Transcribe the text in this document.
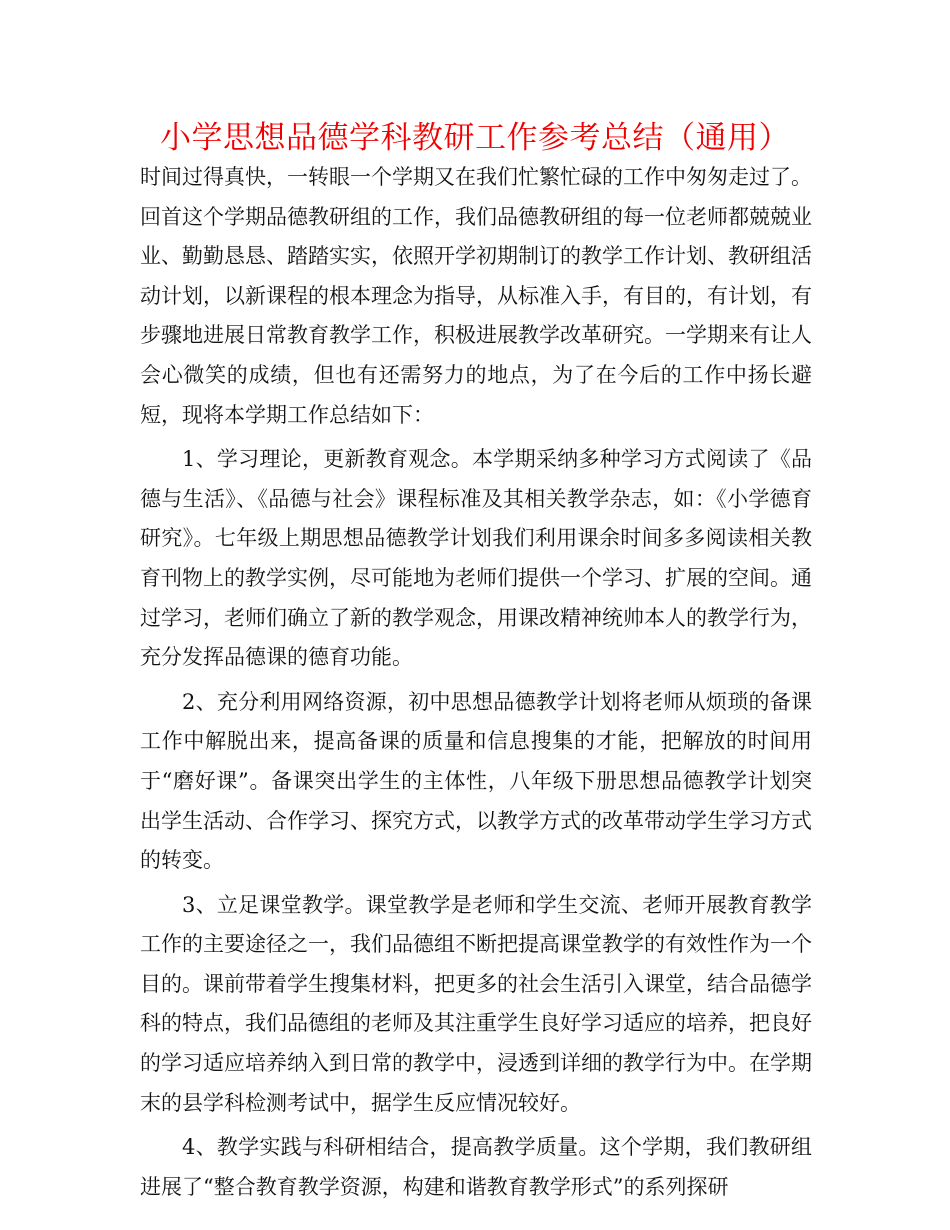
小学思想品德学科教研工作参考总结（通用）

时间过得真快，一转眼一个学期又在我们忙繁忙碌的工作中匆匆走过了。回首这个学期品德教研组的工作，我们品德教研组的每一位老师都兢兢业业、勤勤恳恳、踏踏实实，依照开学初期制订的教学工作计划、教研组活动计划，以新课程的根本理念为指导，从标准入手，有目的，有计划，有步骤地进展日常教育教学工作，积极进展教学改革研究。一学期来有让人会心微笑的成绩，但也有还需努力的地点，为了在今后的工作中扬长避短，现将本学期工作总结如下：

1、学习理论，更新教育观念。本学期采纳多种学习方式阅读了《品德与生活》、《品德与社会》课程标准及其相关教学杂志，如：《小学德育研究》。七年级上期思想品德教学计划我们利用课余时间多多阅读相关教育刊物上的教学实例，尽可能地为老师们提供一个学习、扩展的空间。通过学习，老师们确立了新的教学观念，用课改精神统帅本人的教学行为，充分发挥品德课的德育功能。

2、充分利用网络资源，初中思想品德教学计划将老师从烦琐的备课工作中解脱出来，提高备课的质量和信息搜集的才能，把解放的时间用于“磨好课”。备课突出学生的主体性，八年级下册思想品德教学计划突出学生活动、合作学习、探究方式，以教学方式的改革带动学生学习方式的转变。

3、立足课堂教学。课堂教学是老师和学生交流、老师开展教育教学工作的主要途径之一，我们品德组不断把提高课堂教学的有效性作为一个目的。课前带着学生搜集材料，把更多的社会生活引入课堂，结合品德学科的特点，我们品德组的老师及其注重学生良好学习适应的培养，把良好的学习适应培养纳入到日常的教学中，浸透到详细的教学行为中。在学期末的县学科检测考试中，据学生反应情况较好。

4、教学实践与科研相结合，提高教学质量。这个学期，我们教研组进展了“整合教育教学资源，构建和谐教育教学形式”的系列探研
